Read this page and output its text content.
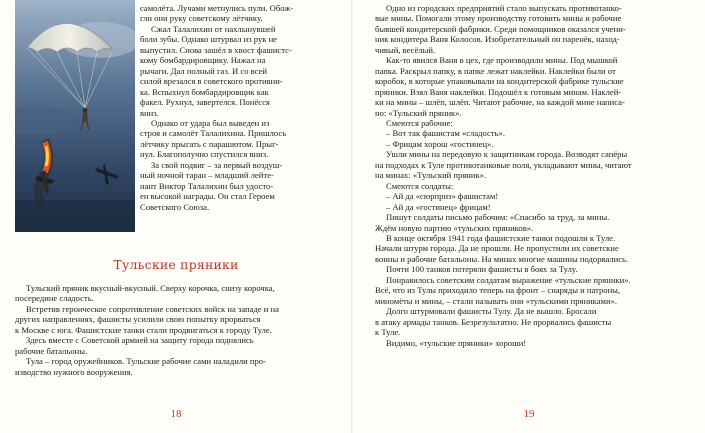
самолёта. Лучами метнулись пули. Обож-

гли они руку советскому лётчику.

Сжал Талалихин от нахлынувшей

боли зубы. Однако штурвал из рук не

выпустил. Снова зашёл в хвост фашистс-

кому бомбардировщику. Нажал на

рычаги. Дал полный газ. И со всей

силой врезался в советского противни-

ка. Вспыхнул бомбардировщик как

факел. Рухнул, завертелся. Понёсся

вниз.

Однако от удара был выведен из

строя и самолёт Талалихина. Пришлось

лётчику прыгать с парашютом. Прыг-

нул. Благополучно спустился вниз.

За свой подвиг – за первый воздуш-

ный ночной таран – младший лейте-

нант Виктор Талалихин был удосто-

ен высокой награды. Он стал Героем

Советского Союза.

Тульские пряники

Тульский пряник вкусный-вкусный. Сверху корочка, снизу корочка,

посередине сладость.

Встретив героическое сопротивление советских войск на западе и на

других направлениях, фашисты усилили свою попытку прорваться

к Москве с юга. Фашистские танки стали продвигаться к городу Туле.

Здесь вместе с Советской армией на защиту города поднялись

рабочие батальоны.

Тула – город оружейников. Тульские рабочие сами наладили про-

изводство нужного вооружения.

18

Одно из городских предприятий стало выпускать противотанко-

вые мины. Помогали этому производству готовить мины и рабочие

бывшей кондитерской фабрики. Среди помощников оказался учени-

ник кондитера Ваня Колосов. Изобретательный он паренёк, наход-

чивый, весёлый.

Как-то явился Ваня в цех, где производили мины. Под мышкой

папка. Раскрыл папку, в папке лежат наклейки. Наклейки были от

коробок, в которые упаковывали на кондитерской фабрике тульские

пряники. Взял Ваня наклейки. Подошёл к готовым минам. Наклей-

ки на мины – шлёп, шлёп. Читают рабочие, на каждой мине написа-

но: «Тульский пряник».

Смеются рабочие:

– Вот так фашистам «сладость».

– Фрицам хорош «гостинец».

Ушли мины на передовую к защитникам города. Возводят сапёры

на подходах к Туле противотанковые поля, укладывают мины, читают

на минах: «Тульский пряник».

Смеются солдаты:

– Ай да «сюрприз» фашистам!

– Ай да «гостинец» фрицам!

Пишут солдаты письмо рабочим: «Спасибо за труд, за мины.

Ждём новую партию «тульских пряников».

В конце октября 1941 года фашистские танки подошли к Туле.

Начали штурм города. Да не прошли. Не пропустили их советские

воины и рабочие батальоны. На минах многие машины подорвались.

Почти 100 танков потеряли фашисты в боях за Тулу.

Понравилось советским солдатам выражение «тульские пряники».

Всё, что из Тулы приходило теперь на фронт – снаряды и патроны,

миномёты и мины, – стали называть они «тульскими пряниками».

Долго штурмовали фашисты Тулу. Да не вышло. Бросали

в атаку армады танков. Безрезультатно. Не прорвались фашисты

к Туле.

Видимо, «тульские пряники» хороши!

19
